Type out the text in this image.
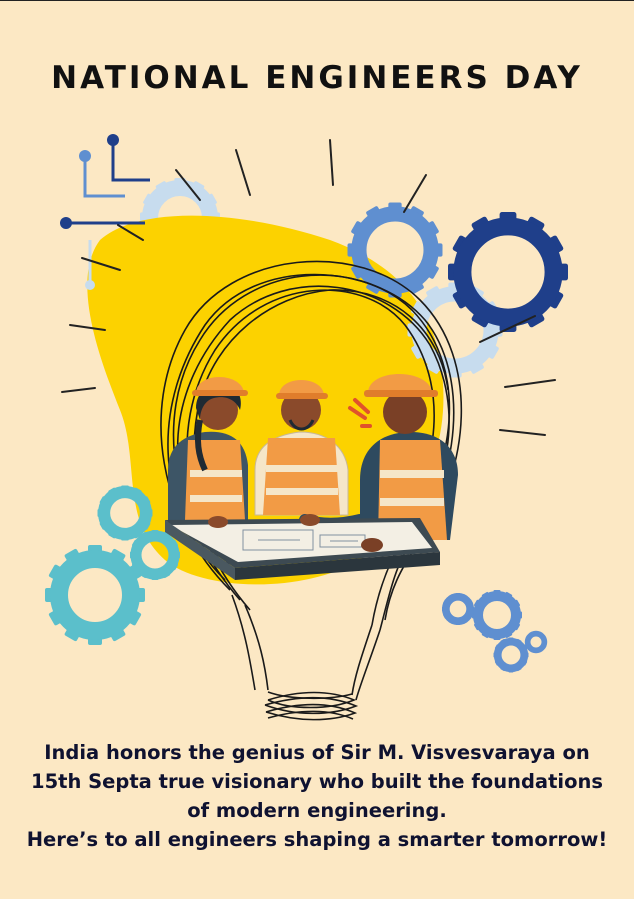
NATIONAL ENGINEERS DAY
India honors the genius of Sir M. Visvesvaraya on
15th Septa true visionary who built the foundations
of modern engineering.
Here’s to all engineers shaping a smarter tomorrow!
